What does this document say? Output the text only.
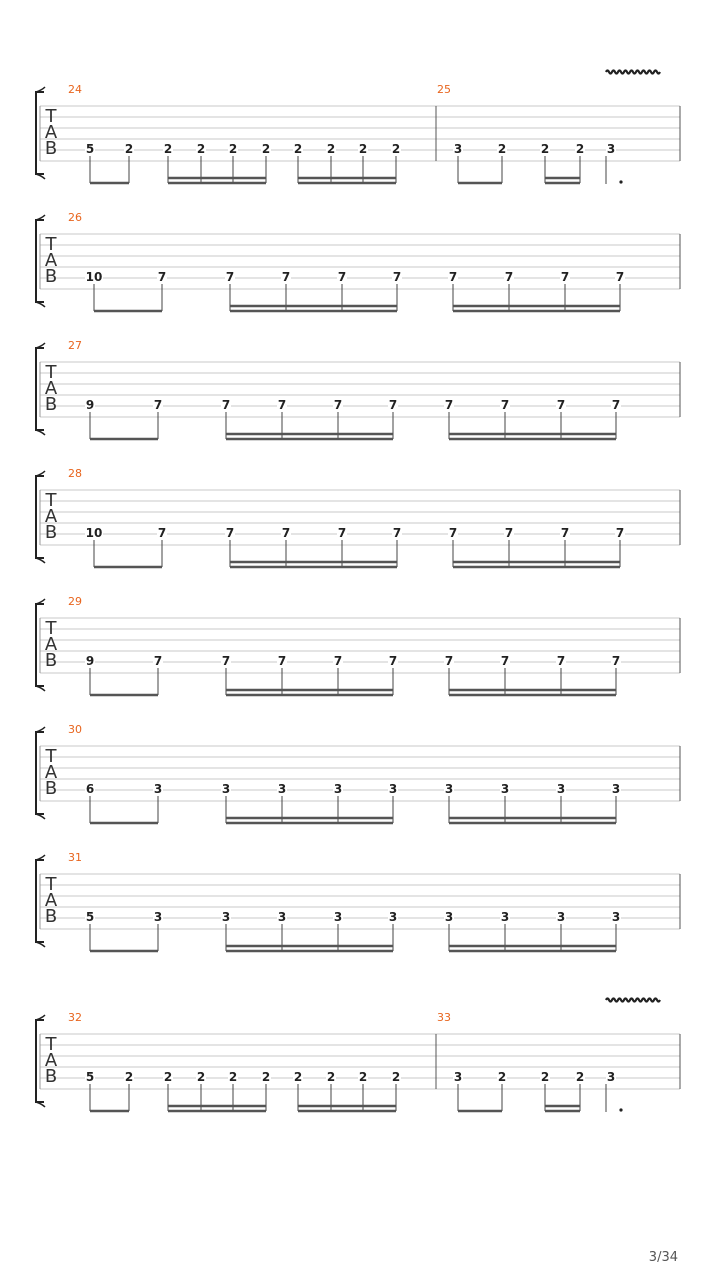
T
A
B
24
5	2	2 2 2 2 2 2 2 2
25
3	2	2 2 3
T
A
B
26
10	7	7	7	7	7	7	7	7	7
T
A
B
27
9	7	7	7	7	7	7	7	7	7
T
A
B
28
10	7	7	7	7	7	7	7	7	7
T
A
B
29
9	7	7	7	7	7	7	7	7	7
T
A
B
30
6	3	3	3	3	3	3	3	3	3
T
A
B
31
5	3	3	3	3	3	3	3	3	3
T
A
B
32
5	2	2 2 2 2 2 2 2 2
33
3	2	2 2 3
3/34
